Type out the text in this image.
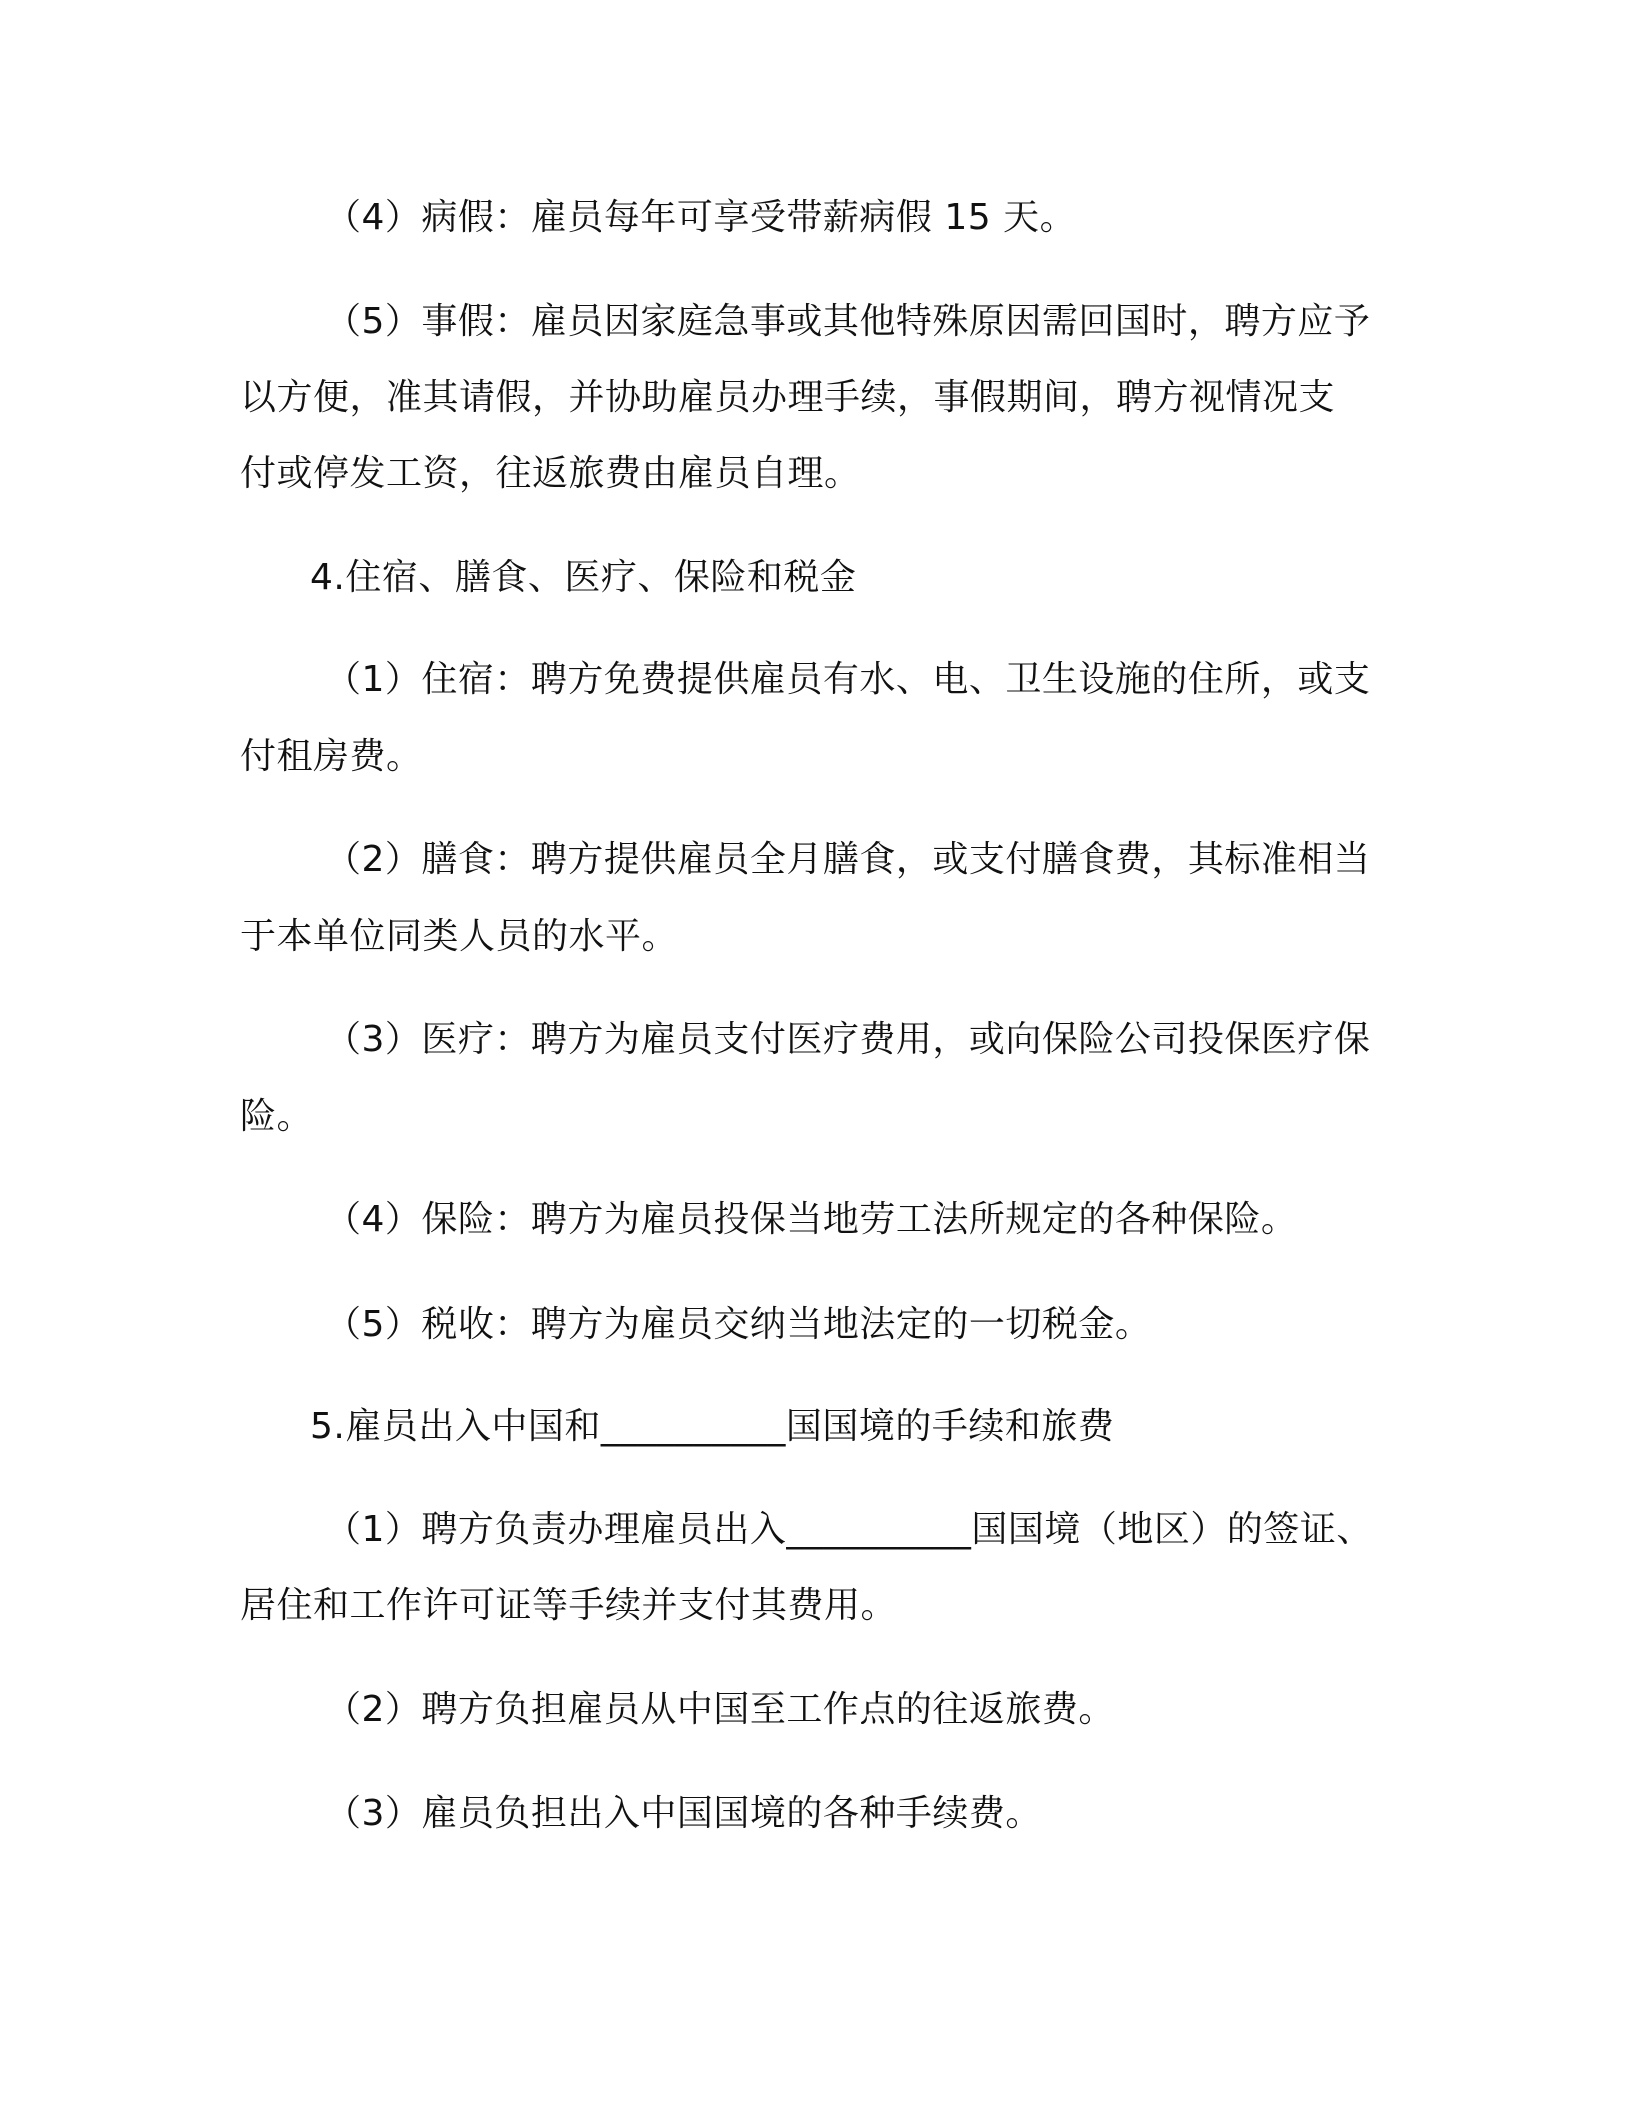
（4）病假：雇员每年可享受带薪病假 15 天。
（5）事假：雇员因家庭急事或其他特殊原因需回国时，聘方应予
以方便，准其请假，并协助雇员办理手续，事假期间，聘方视情况支
付或停发工资，往返旅费由雇员自理。
4.住宿、膳食、医疗、保险和税金
（1）住宿：聘方免费提供雇员有水、电、卫生设施的住所，或支
付租房费。
（2）膳食：聘方提供雇员全月膳食，或支付膳食费，其标准相当
于本单位同类人员的水平。
（3）医疗：聘方为雇员支付医疗费用，或向保险公司投保医疗保
险。
（4）保险：聘方为雇员投保当地劳工法所规定的各种保险。
（5）税收：聘方为雇员交纳当地法定的一切税金。
5.雇员出入中国和__________国国境的手续和旅费
（1）聘方负责办理雇员出入__________国国境（地区）的签证、
居住和工作许可证等手续并支付其费用。
（2）聘方负担雇员从中国至工作点的往返旅费。
（3）雇员负担出入中国国境的各种手续费。
